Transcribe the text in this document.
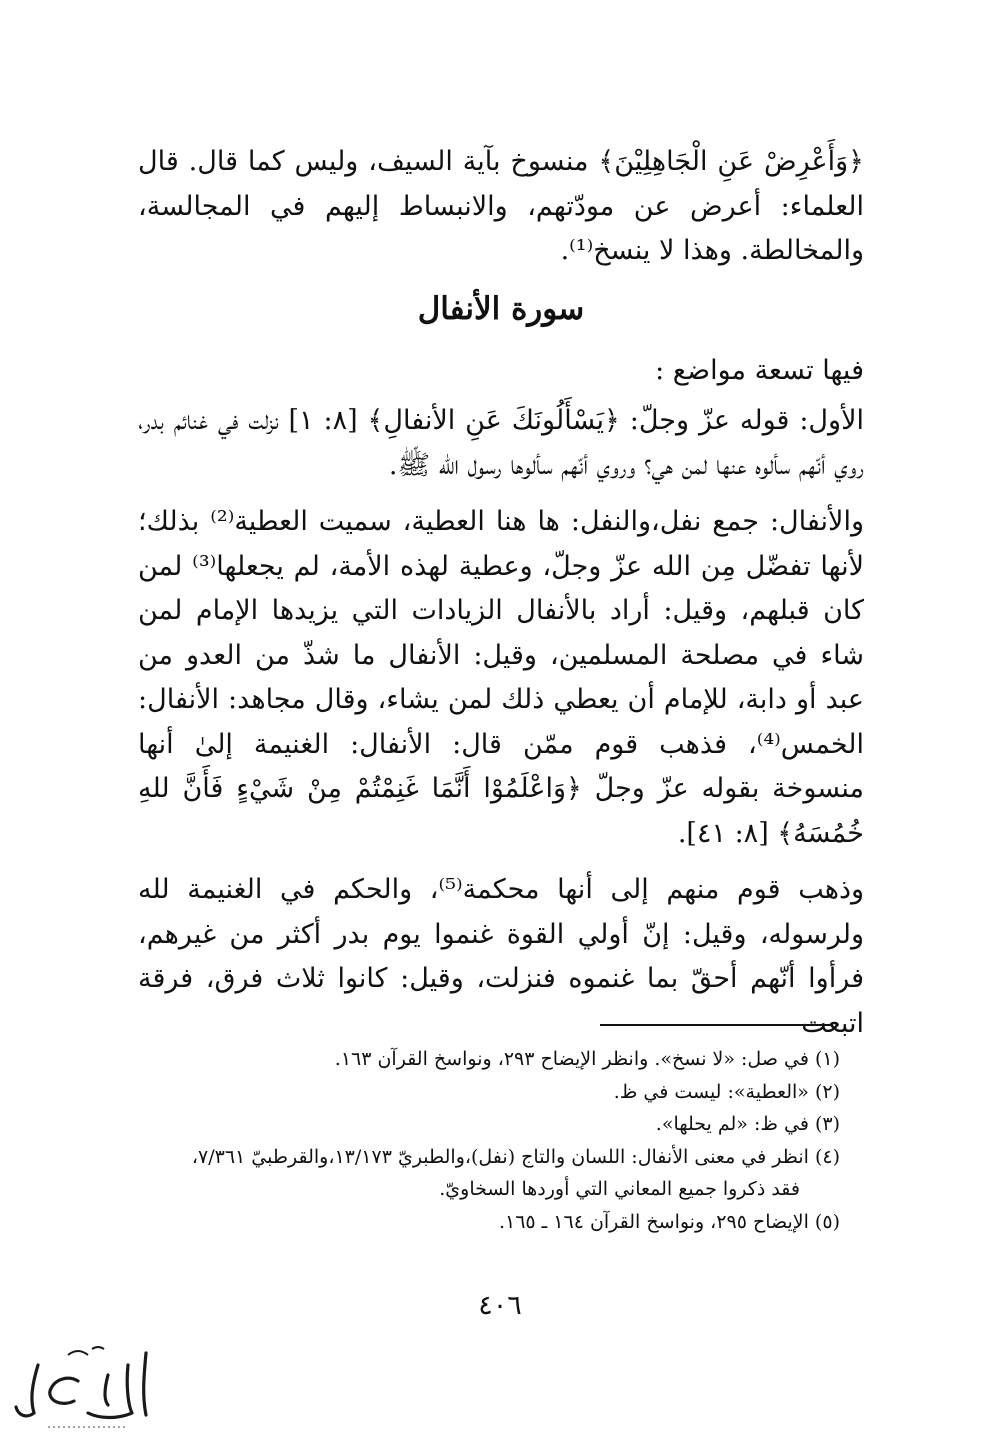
﴿وَأَعْرِضْ عَنِ الْجَاهِلِيْنَ﴾ منسوخ بآية السيف، وليس كما قال. قال العلماء: أعرض عن مودّتهم، والانبساط إليهم في المجالسة، والمخالطة. وهذا لا ينسخ⁽¹⁾.

سورة الأنفال

فيها تسعة مواضع :

الأول: قوله عزّ وجلّ: ﴿يَسْأَلُونَكَ عَنِ الأنفالِ﴾ [٨: ١] نزلت في غنائم بدر، روي أنّهم سألوه عنها لمن هي؟ وروي أنّهم سألوها رسول الله ﷺ.

والأنفال: جمع نفل،والنفل: ها هنا العطية، سميت العطية⁽²⁾ بذلك؛ لأنها تفضّل مِن الله عزّ وجلّ، وعطية لهذه الأمة، لم يجعلها⁽³⁾ لمن كان قبلهم، وقيل: أراد بالأنفال الزيادات التي يزيدها الإمام لمن شاء في مصلحة المسلمين، وقيل: الأنفال ما شذّ من العدو من عبد أو دابة، للإمام أن يعطي ذلك لمن يشاء، وقال مجاهد: الأنفال: الخمس⁽⁴⁾، فذهب قوم ممّن قال: الأنفال: الغنيمة إلىٰ أنها منسوخة بقوله عزّ وجلّ ﴿وَاعْلَمُوْا أَنَّمَا غَنِمْتُمْ مِنْ شَيْءٍ فَأَنَّ للهِ خُمُسَهُ﴾ [٨: ٤١].

وذهب قوم منهم إلى أنها محكمة⁽⁵⁾، والحكم في الغنيمة لله ولرسوله، وقيل: إنّ أولي القوة غنموا يوم بدر أكثر من غيرهم، فرأوا أنّهم أحقّ بما غنموه فنزلت، وقيل: كانوا ثلاث فرق، فرقة اتبعت

(١) في صل: «لا نسخ». وانظر الإيضاح ٢٩٣، ونواسخ القرآن ١٦٣.

(٢) «العطية»: ليست في ظ.

(٣) في ظ: «لم يحلها».

(٤) انظر في معنى الأنفال: اللسان والتاج (نفل)،والطبريّ ١٣/١٧٣،والقرطبيّ ٧/٣٦١،

فقد ذكروا جميع المعاني التي أوردها السخاويّ.

(٥) الإيضاح ٢٩٥، ونواسخ القرآن ١٦٤ ـ ١٦٥.

٤٠٦
